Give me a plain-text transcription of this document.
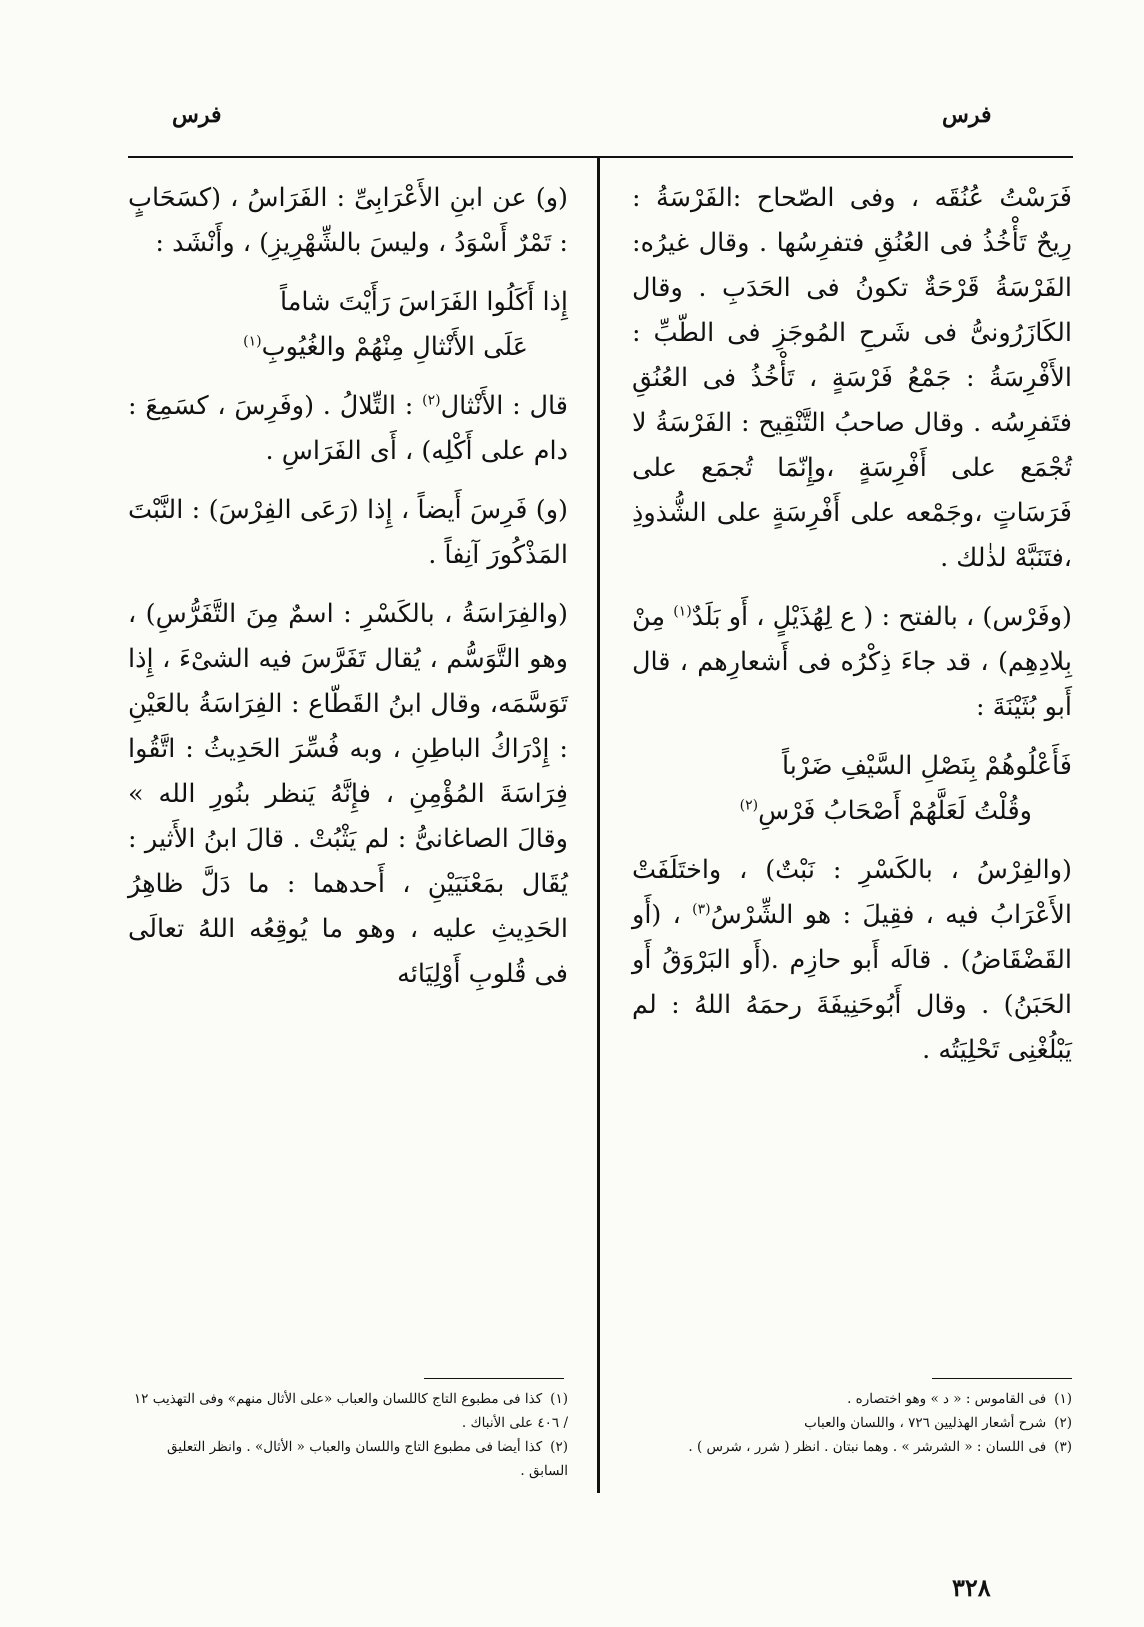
فرس
فرس

فَرَسْتُ عُنُقَه ، وفى الصّحاح :الفَرْسَةُ : رِيحٌ تَأْخُذُ فى العُنُقِ فتفرِسُها . وقال غيرُه: الفَرْسَةُ قَرْحَةٌ تكونُ فى الحَدَبِ . وقال الكَازَرُونىُّ فى شَرحِ المُوجَزِ فى الطّبِّ : الأَفْرِسَةُ : جَمْعُ فَرْسَةٍ ، تَأْخُذُ فى العُنُقِ فتَفرِسُه . وقال صاحبُ التَّنْقِيح : الفَرْسَةُ لا تُجْمَع على أَفْرِسَةٍ ،وإِنّمَا تُجمَع على فَرَسَاتٍ ،وجَمْعه على أَفْرِسَةٍ على الشُّذوذِ ،فتَنَبَّهْ لذٰلك .

(وفَرْس) ، بالفتح : ( ع لِهُذَيْلٍ ، أَو بَلَدٌ$^{(١)}$ مِنْ بِلادِهِم) ، قد جاءَ ذِكْرُه فى أَشعارِهم ، قال أَبو بُثَيْنَةَ :

فَأَعْلُوهُمْ بِنَصْلِ السَّيْفِ ضَرْباً
وقُلْتُ لَعَلَّهُمْ أَصْحَابُ فَرْسِ$^{(٢)}$

(والفِرْسُ ، بالكَسْرِ : نَبْتٌ) ، واختَلَفَتْ الأَعْرَابُ فيه ، فقِيلَ : هو الشِّرْسُ$^{(٣)}$ ، (أَو القَضْقَاضُ) . قالَه أَبو حازِم .(أَو البَرْوَقُ أَو الحَبَنُ) . وقال أَبُوحَنِيفَةَ رحمَهُ اللهُ : لم يَبْلُغْنِى تَحْلِيَتُه .

(و) عن ابنِ الأَعْرَابِىِّ : الفَرَاسُ ، (كسَحَابٍ : تَمْرٌ أَسْوَدُ ، وليسَ بالشِّهْرِيزِ) ، وأَنْشَد :

إِذا أَكَلُوا الفَرَاسَ رَأَيْتَ شاماً
عَلَى الأَنْثالِ مِنْهُمْ والغُيُوبِ$^{(١)}$

قال : الأَنْثال$^{(٢)}$ : التِّلالُ . (وفَرِسَ ، كسَمِعَ : دام على أَكْلِه) ، أَى الفَرَاسِ .

(و) فَرِسَ أَيضاً ، إِذا (رَعَى الفِرْسَ) : النَّبْتَ المَذْكُورَ آنِفاً .

(والفِرَاسَةُ ، بالكَسْرِ : اسمٌ مِنَ التَّفَرُّسِ) ، وهو التَّوَسُّم ، يُقال تَفَرَّسَ فيه الشىْءَ ، إِذا تَوَسَّمَه، وقال ابنُ القَطّاع : الفِرَاسَةُ بالعَيْنِ : إِدْرَاكُ الباطِنِ ، وبه فُسِّرَ الحَدِيثُ : اتَّقُوا فِرَاسَةَ المُؤْمِنِ ، فإِنَّهُ يَنظر بنُورِ الله » وقالَ الصاغانىُّ : لم يَثْبُتْ . قالَ ابنُ الأَثير : يُقَال بمَعْنَيَيْنِ ، أَحدهما : ما دَلَّ ظاهِرُ الحَدِيثِ عليه ، وهو ما يُوقِعُه اللهُ تعالَى فى قُلوبِ أَوْلِيَائه

(١)فى القاموس : « د » وهو اختصاره .

(٢)شرح أشعار الهذليين ٧٢٦ ، واللسان والعباب

(٣)فى اللسان : « الشرشر » . وهما نبتان . انظر ( شرر ، شرس ) .

(١)كذا فى مطبوع التاج كاللسان والعباب «على الأثال منهم» وفى التهذيب ١٢ / ٤٠٦ على الأنباك .

(٢)كذا أيضا فى مطبوع التاج واللسان والعباب « الأثال» . وانظر التعليق السابق .

٣٢٨
